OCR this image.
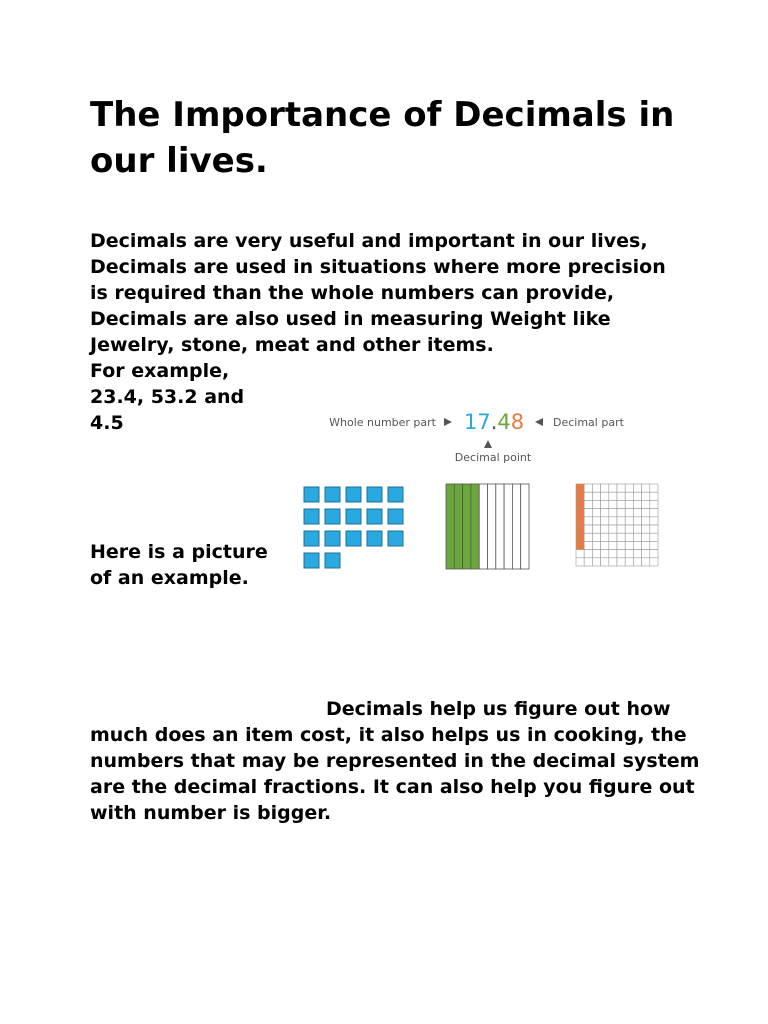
The Importance of Decimals in our lives.
Decimals are very useful and important in our lives, Decimals are used in situations where more precision is required than the whole numbers can provide, Decimals are also used in measuring Weight like Jewelry, stone, meat and other items.
For example,
23.4, 53.2 and
4.5
Here is a picture of an example.
Whole number part 17.48	Decimal part
Decimal point
Decimals help us figure out how much does an item cost, it also helps us in cooking, the numbers that may be represented in the decimal system are the decimal fractions. It can also help you figure out with number is bigger.
